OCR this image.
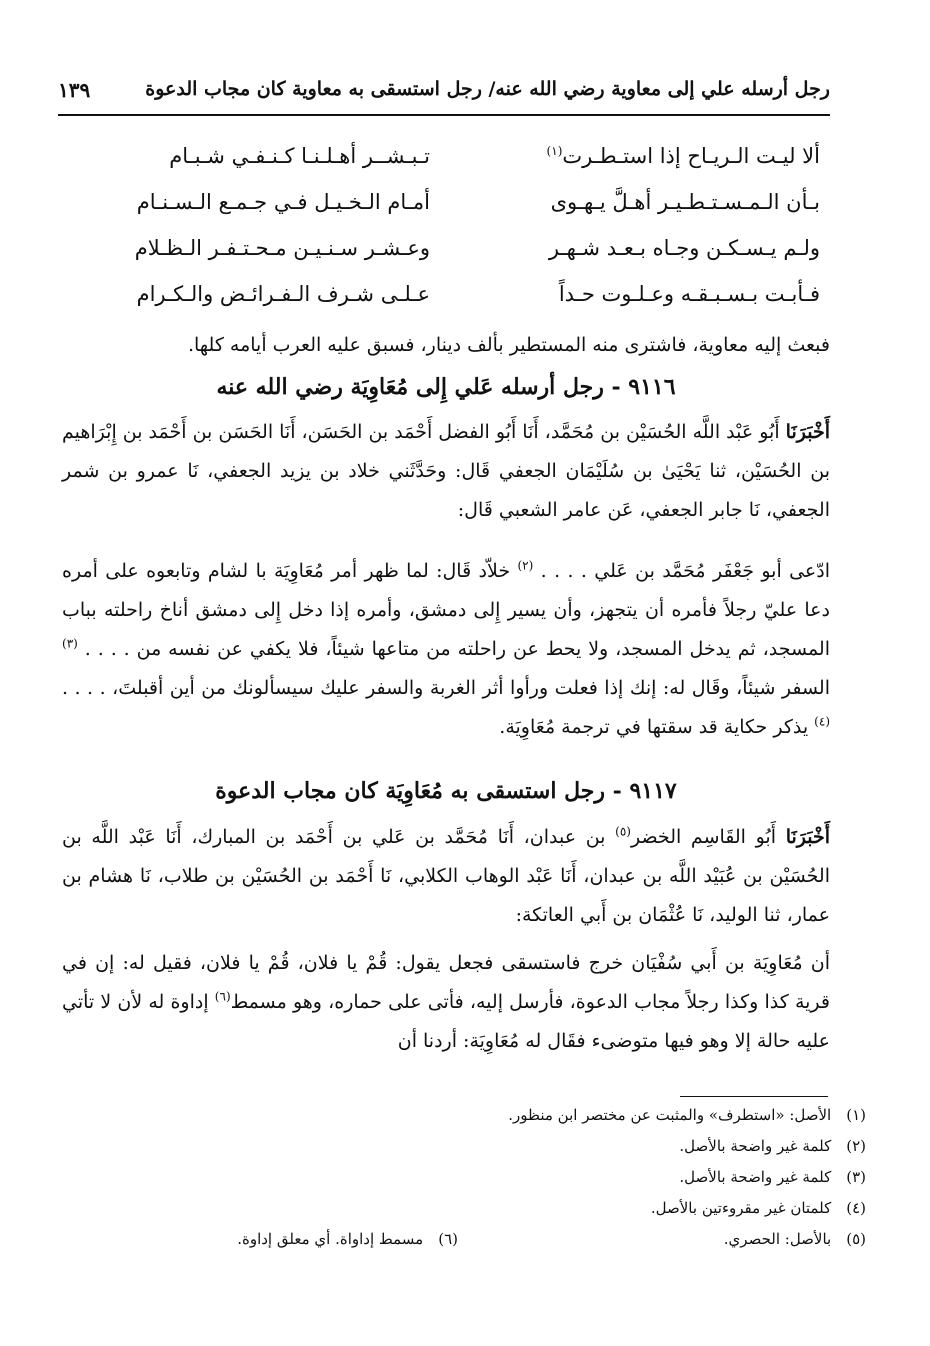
رجل أرسله علي إلى معاوية رضي الله عنه/ رجل استسقى به معاوية كان مجاب الدعوة
١٣٩
ألا ليـت الـريـاح إذا استـطـرت$^{(١)}$
تـبـشــر أهـلـنـا كـنـفـي شـبـام
بـأن الـمـسـتـطـيـر أهـلَّ يـهـوى
أمـام الـخـيـل فـي جـمـع الـسـنـام
ولـم يـسـكـن وجـاه بـعـد شـهـر
وعـشـر سـنـيـن مـحـتـفـر الـظـلام
فـأبـت بـسـبـقـه وعـلـوت حـداً
عـلـى شـرف الـفـرائـض والـكـرام
فبعث إليه معاوية، فاشترى منه المستطير بألف دينار، فسبق عليه العرب أيامه كلها.
٩١١٦ - رجل أرسله عَلي إِلى مُعَاوِيَة رضي الله عنه
أَخْبَرَنَا أَبُو عَبْد اللَّه الحُسَيْن بن مُحَمَّد، أَنَا أَبُو الفضل أَحْمَد بن الحَسَن، أَنَا الحَسَن بن أَحْمَد بن إِبْرَاهيم بن الحُسَيْن، ثنا يَحْيَىٰ بن سُلَيْمَان الجعفي قَال: وحَدَّثَني خلاد بن يزيد الجعفي، نَا عمرو بن شمر الجعفي، نَا جابر الجعفي، عَن عامر الشعبي قَال:
ادّعى أبو جَعْفَر مُحَمَّد بن عَلي . . . . $^{(٢)}$ خلاّد قَال: لما ظهر أمر مُعَاوِيَة با لشام وتابعوه على أمره دعا عليّ رجلاً فأمره أن يتجهز، وأن يسير إِلى دمشق، وأمره إذا دخل إِلى دمشق أناخ راحلته بباب المسجد، ثم يدخل المسجد، ولا يحط عن راحلته من متاعها شيئاً، فلا يكفي عن نفسه من . . . . $^{(٣)}$ السفر شيئاً، وقَال له: إنك إذا فعلت ورأوا أثر الغربة والسفر عليك سيسألونك من أين أقبلتَ، . . . . $^{(٤)}$ يذكر حكاية قد سقتها في ترجمة مُعَاوِيَة.
٩١١٧ - رجل استسقى به مُعَاوِيَة كان مجاب الدعوة
أَخْبَرَنَا أَبُو القَاسِم الخضر$^{(٥)}$ بن عبدان، أَنَا مُحَمَّد بن عَلي بن أَحْمَد بن المبارك، أَنَا عَبْد اللَّه بن الحُسَيْن بن عُبَيْد اللَّه بن عبدان، أَنَا عَبْد الوهاب الكلابي، نَا أَحْمَد بن الحُسَيْن بن طلاب، نَا هشام بن عمار، ثنا الوليد، نَا عُثْمَان بن أَبي العاتكة:
أن مُعَاوِيَة بن أَبي سُفْيَان خرج فاستسقى فجعل يقول: قُمْ يا فلان، قُمْ يا فلان، فقيل له: إن في قرية كذا وكذا رجلاً مجاب الدعوة، فأرسل إليه، فأتى على حماره، وهو مسمط$^{(٦)}$ إداوة له لأن لا تأتي عليه حالة إلا وهو فيها متوضىء فقَال له مُعَاوِيَة: أردنا أن
(١) الأصل: «استطرف» والمثبت عن مختصر ابن منظور.
(٢) كلمة غير واضحة بالأصل.
(٣) كلمة غير واضحة بالأصل.
(٤) كلمتان غير مقروءتين بالأصل.
(٥) بالأصل: الحصري.
(٦) مسمط إداواة. أي معلق إداوة.
